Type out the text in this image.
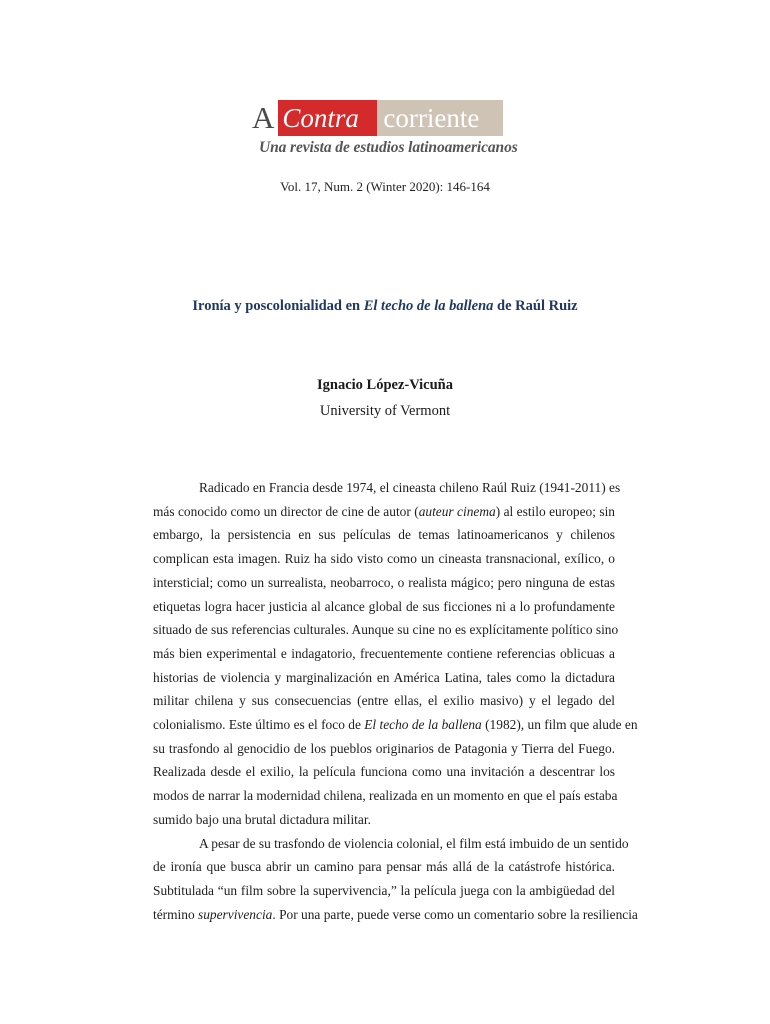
A Contra corriente
Una revista de estudios latinoamericanos
Vol. 17, Num. 2 (Winter 2020): 146-164
Ironía y poscolonialidad en El techo de la ballena de Raúl Ruiz
Ignacio López-Vicuña
University of Vermont
Radicado en Francia desde 1974, el cineasta chileno Raúl Ruiz (1941-2011) es
más conocido como un director de cine de autor (auteur cinema) al estilo europeo; sin
embargo, la persistencia en sus películas de temas latinoamericanos y chilenos
complican esta imagen. Ruiz ha sido visto como un cineasta transnacional, exílico, o
intersticial; como un surrealista, neobarroco, o realista mágico; pero ninguna de estas
etiquetas logra hacer justicia al alcance global de sus ficciones ni a lo profundamente
situado de sus referencias culturales. Aunque su cine no es explícitamente político sino
más bien experimental e indagatorio, frecuentemente contiene referencias oblicuas a
historias de violencia y marginalización en América Latina, tales como la dictadura
militar chilena y sus consecuencias (entre ellas, el exilio masivo) y el legado del
colonialismo. Este último es el foco de El techo de la ballena (1982), un film que alude en
su trasfondo al genocidio de los pueblos originarios de Patagonia y Tierra del Fuego.
Realizada desde el exilio, la película funciona como una invitación a descentrar los
modos de narrar la modernidad chilena, realizada en un momento en que el país estaba
sumido bajo una brutal dictadura militar.
A pesar de su trasfondo de violencia colonial, el film está imbuido de un sentido
de ironía que busca abrir un camino para pensar más allá de la catástrofe histórica.
Subtitulada “un film sobre la supervivencia,” la película juega con la ambigüedad del
término supervivencia. Por una parte, puede verse como un comentario sobre la resiliencia
